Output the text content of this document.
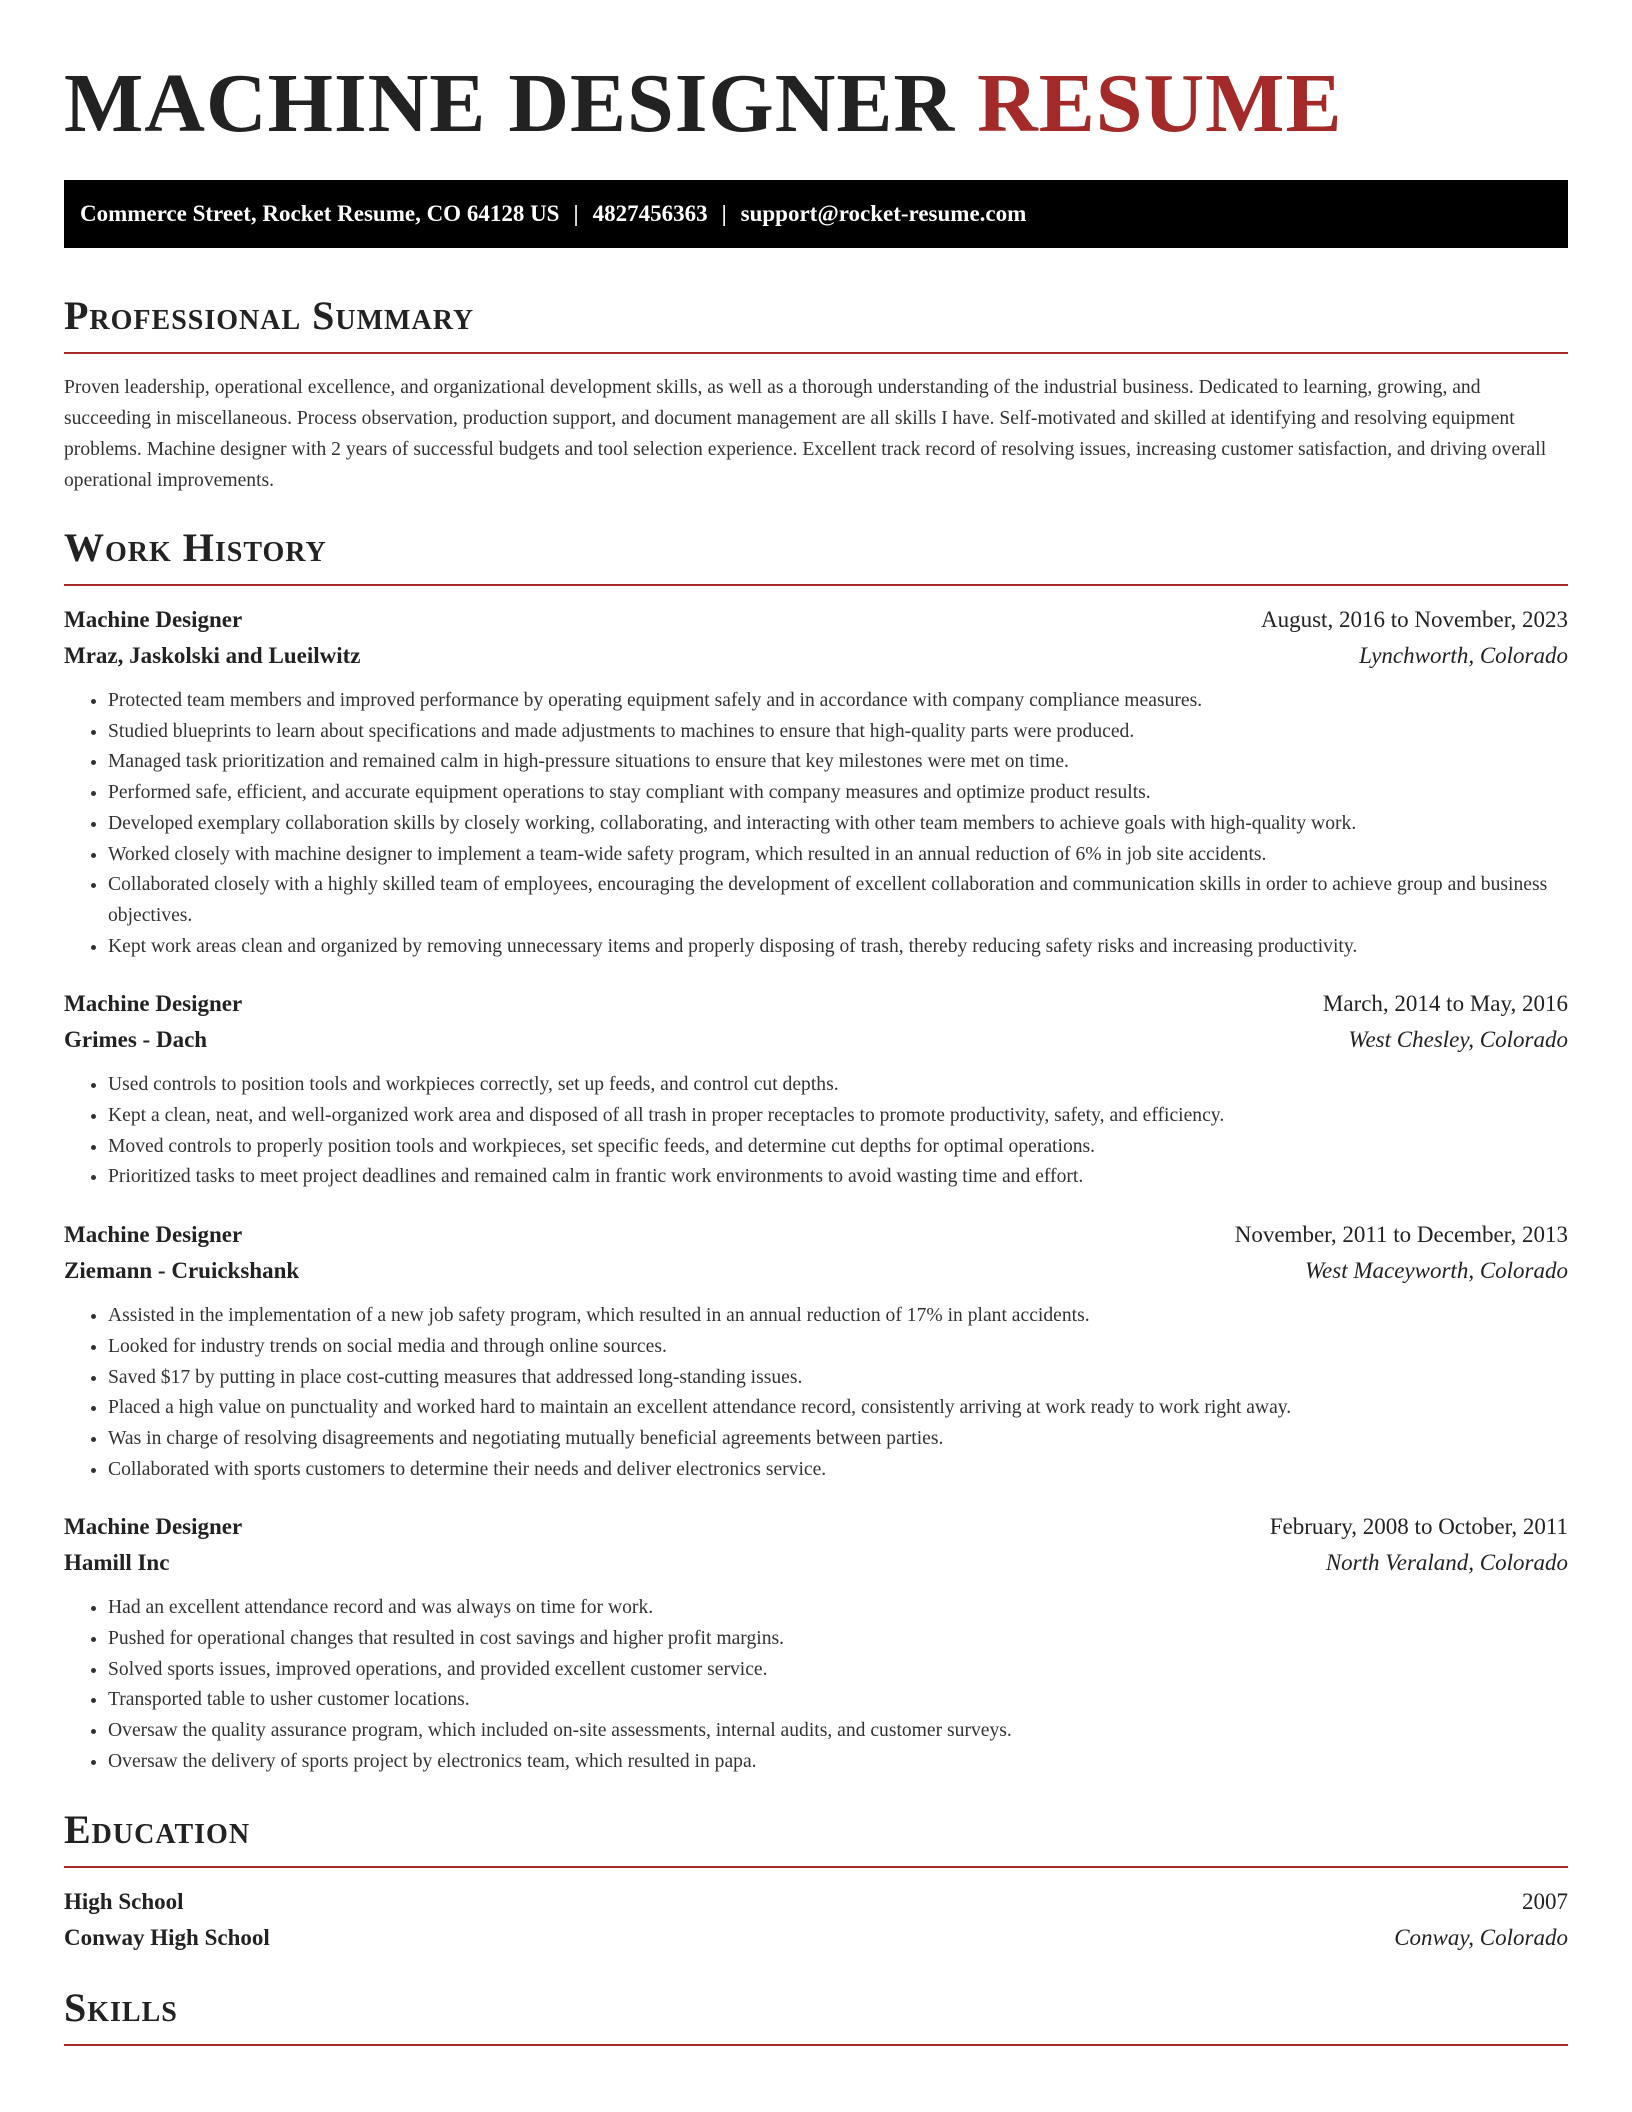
MACHINE DESIGNER RESUME
Commerce Street, Rocket Resume, CO 64128 US | 4827456363 | support@rocket-resume.com
Professional Summary

Proven leadership, operational excellence, and organizational development skills, as well as a thorough understanding of the industrial business. Dedicated to learning, growing, and succeeding in miscellaneous. Process observation, production support, and document management are all skills I have. Self-motivated and skilled at identifying and resolving equipment problems. Machine designer with 2 years of successful budgets and tool selection experience. Excellent track record of resolving issues, increasing customer satisfaction, and driving overall operational improvements.

Work History
Machine Designer	August, 2016 to November, 2023
Mraz, Jaskolski and Lueilwitz	Lynchworth, Colorado
• Protected team members and improved performance by operating equipment safely and in accordance with company compliance measures.
• Studied blueprints to learn about specifications and made adjustments to machines to ensure that high-quality parts were produced.
• Managed task prioritization and remained calm in high-pressure situations to ensure that key milestones were met on time.
• Performed safe, efficient, and accurate equipment operations to stay compliant with company measures and optimize product results.
• Developed exemplary collaboration skills by closely working, collaborating, and interacting with other team members to achieve goals with high-quality work.
• Worked closely with machine designer to implement a team-wide safety program, which resulted in an annual reduction of 6% in job site accidents.
• Collaborated closely with a highly skilled team of employees, encouraging the development of excellent collaboration and communication skills in order to achieve group and business objectives.
• Kept work areas clean and organized by removing unnecessary items and properly disposing of trash, thereby reducing safety risks and increasing productivity.
Machine Designer	March, 2014 to May, 2016
Grimes - Dach	West Chesley, Colorado
• Used controls to position tools and workpieces correctly, set up feeds, and control cut depths.
• Kept a clean, neat, and well-organized work area and disposed of all trash in proper receptacles to promote productivity, safety, and efficiency.
• Moved controls to properly position tools and workpieces, set specific feeds, and determine cut depths for optimal operations.
• Prioritized tasks to meet project deadlines and remained calm in frantic work environments to avoid wasting time and effort.
Machine Designer	November, 2011 to December, 2013
Ziemann - Cruickshank	West Maceyworth, Colorado
• Assisted in the implementation of a new job safety program, which resulted in an annual reduction of 17% in plant accidents.
• Looked for industry trends on social media and through online sources.
• Saved $17 by putting in place cost-cutting measures that addressed long-standing issues.
• Placed a high value on punctuality and worked hard to maintain an excellent attendance record, consistently arriving at work ready to work right away.
• Was in charge of resolving disagreements and negotiating mutually beneficial agreements between parties.
• Collaborated with sports customers to determine their needs and deliver electronics service.
Machine Designer	February, 2008 to October, 2011
Hamill Inc	North Veraland, Colorado
• Had an excellent attendance record and was always on time for work.
• Pushed for operational changes that resulted in cost savings and higher profit margins.
• Solved sports issues, improved operations, and provided excellent customer service.
• Transported table to usher customer locations.
• Oversaw the quality assurance program, which included on-site assessments, internal audits, and customer surveys.
• Oversaw the delivery of sports project by electronics team, which resulted in papa.
Education
High School	2007
Conway High School	Conway, Colorado
Skills
